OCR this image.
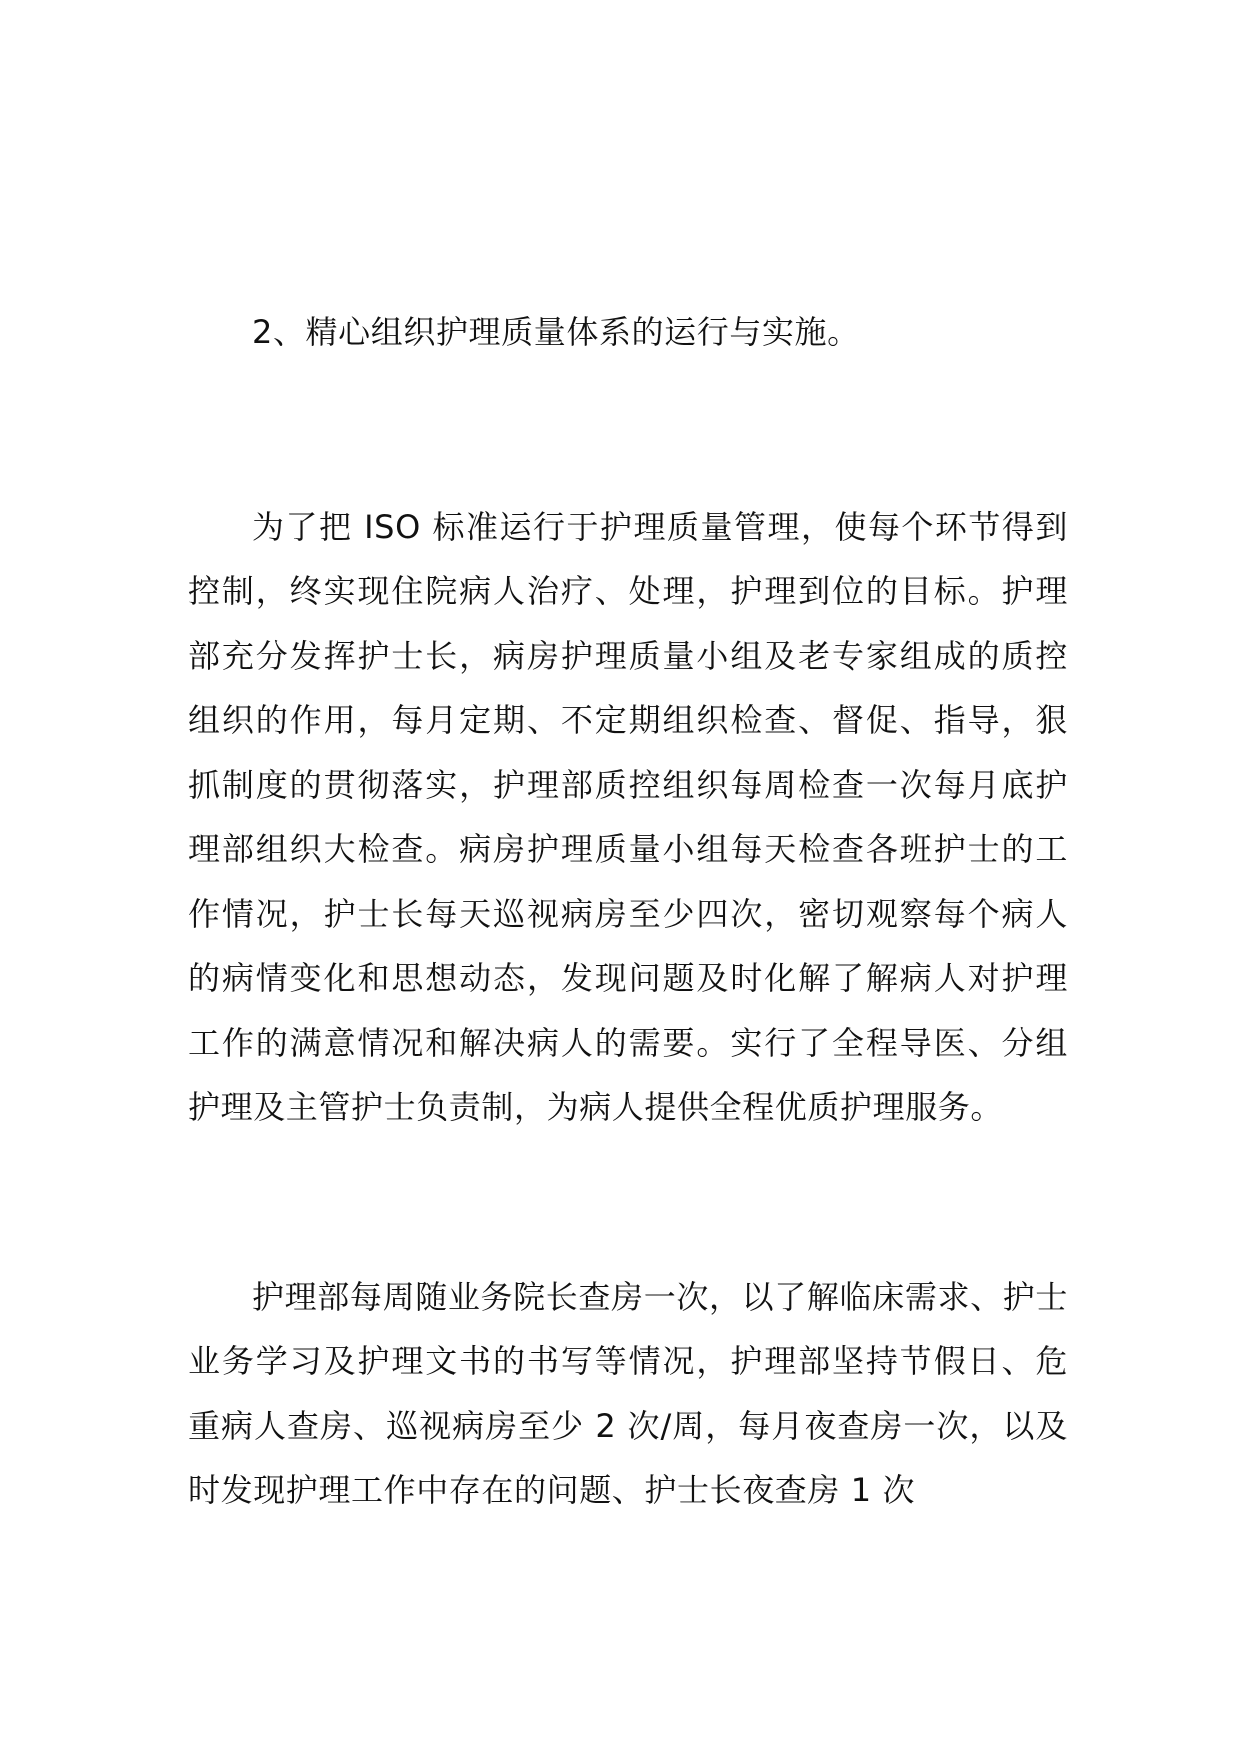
2、精心组织护理质量体系的运行与实施。

为了把 ISO 标准运行于护理质量管理，使每个环节得到控制，终实现住院病人治疗、处理，护理到位的目标。护理部充分发挥护士长，病房护理质量小组及老专家组成的质控组织的作用，每月定期、不定期组织检查、督促、指导，狠抓制度的贯彻落实，护理部质控组织每周检查一次每月底护理部组织大检查。病房护理质量小组每天检查各班护士的工作情况，护士长每天巡视病房至少四次，密切观察每个病人的病情变化和思想动态，发现问题及时化解了解病人对护理工作的满意情况和解决病人的需要。实行了全程导医、分组护理及主管护士负责制，为病人提供全程优质护理服务。

护理部每周随业务院长查房一次，以了解临床需求、护士业务学习及护理文书的书写等情况，护理部坚持节假日、危重病人查房、巡视病房至少 2 次/周，每月夜查房一次，以及时发现护理工作中存在的问题、护士长夜查房 1 次
